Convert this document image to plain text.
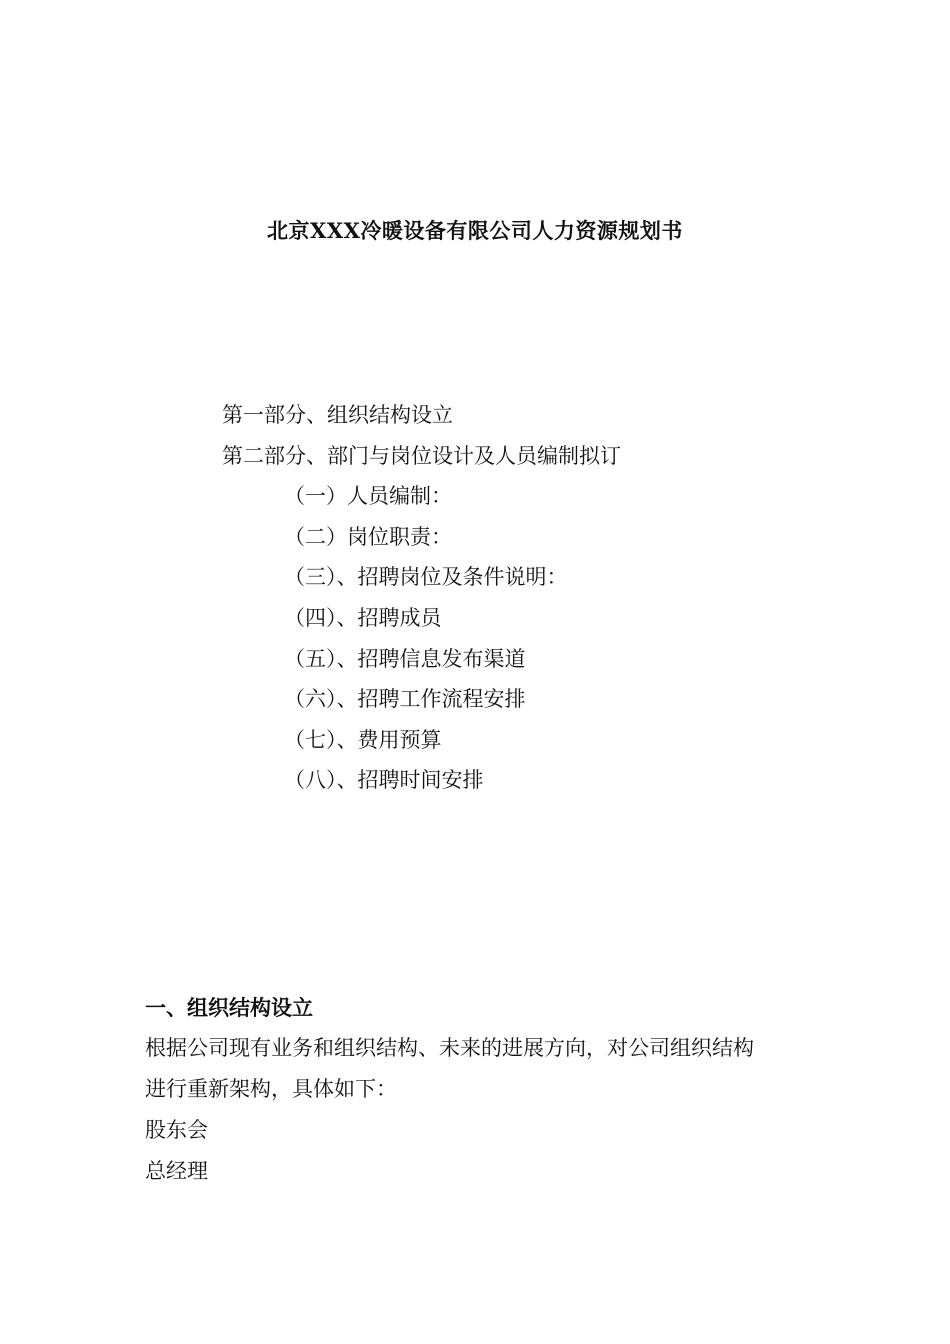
北京XXX冷暖设备有限公司人力资源规划书
第一部分、组织结构设立
第二部分、部门与岗位设计及人员编制拟订
（一）人员编制：
（二）岗位职责：
（三）、招聘岗位及条件说明：
（四）、招聘成员
（五）、招聘信息发布渠道
（六）、招聘工作流程安排
（七）、费用预算
（八）、招聘时间安排
一、组织结构设立

根据公司现有业务和组织结构、未来的进展方向，对公司组织结构

进行重新架构，具体如下：

股东会

总经理
